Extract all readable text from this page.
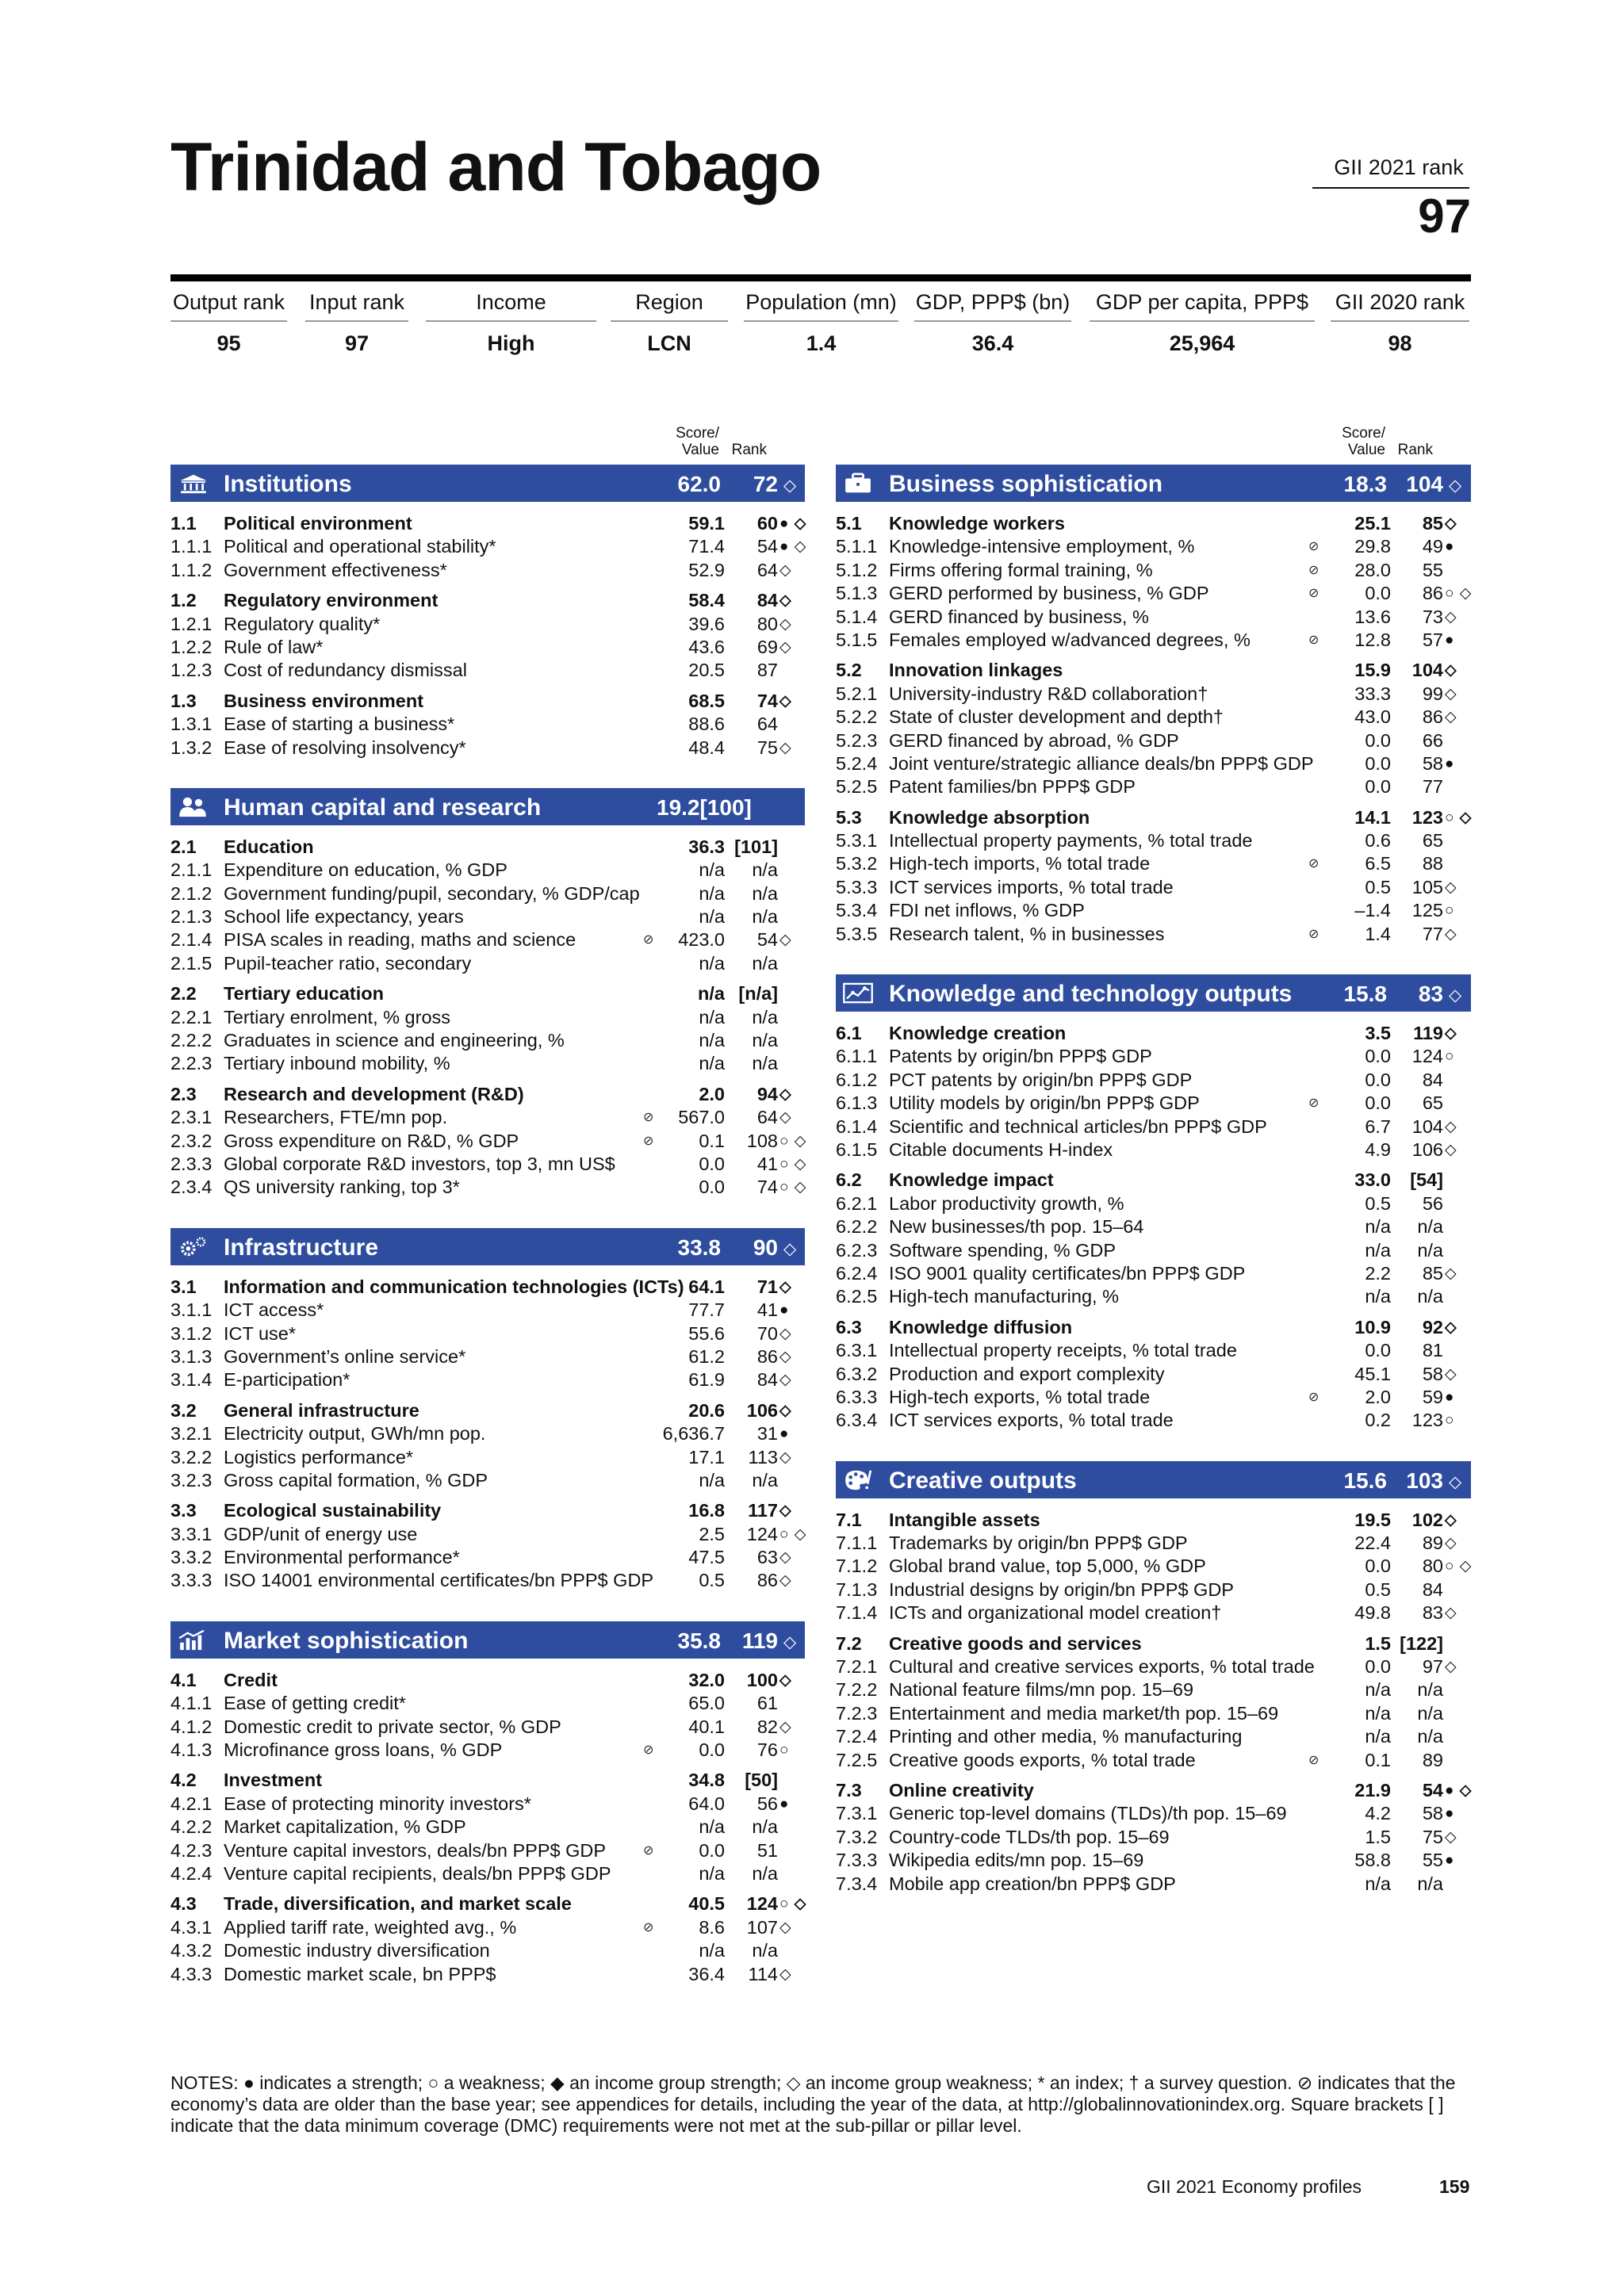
Trinidad and Tobago	GII 2021 rank
97
Output rank
95
Input rank
97
Income
High
Region
LCN
Population (mn)
1.4
GDP, PPP$ (bn)
36.4
GDP per capita, PPP$
25,964
GII 2020 rank
98
Score/
Value Rank
Score/
Value Rank
Institutions	62.0	72 ◇
1.1 Political environment	59.1	60 ● ◇
1.1.1 Political and operational stability*	71.4	54 ● ◇
1.1.2 Government effectiveness*	52.9	64 ◇
1.2 Regulatory environment	58.4	84 ◇
1.2.1 Regulatory quality*	39.6	80 ◇
1.2.2 Rule of law*	43.6	69 ◇
1.2.3 Cost of redundancy dismissal	20.5	87
1.3 Business environment	68.5	74 ◇
1.3.1 Ease of starting a business*	88.6	64
1.3.2 Ease of resolving insolvency*	48.4	75 ◇
Human capital and research	19.2[100]
2.1 Education	36.3 [101]
2.1.1 Expenditure on education, % GDP	n/a	n/a
2.1.2 Government funding/pupil, secondary, % GDP/cap	n/a	n/a
2.1.3 School life expectancy, years	n/a	n/a
2.1.4 PISA scales in reading, maths and science	⊘ 423.0	54 ◇
2.1.5 Pupil-teacher ratio, secondary	n/a	n/a
2.2 Tertiary education	n/a [n/a]
2.2.1 Tertiary enrolment, % gross	n/a	n/a
2.2.2 Graduates in science and engineering, %	n/a	n/a
2.2.3 Tertiary inbound mobility, %	n/a	n/a
2.3 Research and development (R&D)	2.0	94 ◇
2.3.1 Researchers, FTE/mn pop.	⊘ 567.0	64 ◇
2.3.2 Gross expenditure on R&D, % GDP	⊘ 0.1	108 ○ ◇
2.3.3 Global corporate R&D investors, top 3, mn US$	0.0	41 ○ ◇
2.3.4 QS university ranking, top 3*	0.0	74 ○ ◇
Infrastructure	33.8	90 ◇
3.1 Information and communication technologies (ICTs) 64.1	71 ◇
3.1.1 ICT access*	77.7	41 ●
3.1.2 ICT use*	55.6	70 ◇
3.1.3 Government’s online service*	61.2	86 ◇
3.1.4 E-participation*	61.9	84 ◇
3.2 General infrastructure	20.6	106 ◇
3.2.1 Electricity output, GWh/mn pop.	6,636.7	31 ●
3.2.2 Logistics performance*	17.1	113 ◇
3.2.3 Gross capital formation, % GDP	n/a	n/a
3.3 Ecological sustainability	16.8	117 ◇
3.3.1 GDP/unit of energy use	2.5	124 ○ ◇
3.3.2 Environmental performance*	47.5	63 ◇
3.3.3 ISO 14001 environmental certificates/bn PPP$ GDP 0.5	86 ◇
Market sophistication	35.8 119 ◇
4.1 Credit	32.0	100 ◇
4.1.1 Ease of getting credit*	65.0	61
4.1.2 Domestic credit to private sector, % GDP	40.1	82 ◇
4.1.3 Microfinance gross loans, % GDP	⊘ 0.0	76 ○
4.2 Investment	34.8	[50]
4.2.1 Ease of protecting minority investors*	64.0	56 ●
4.2.2 Market capitalization, % GDP	n/a	n/a
4.2.3 Venture capital investors, deals/bn PPP$ GDP	⊘ 0.0	51
4.2.4 Venture capital recipients, deals/bn PPP$ GDP	n/a	n/a
4.3 Trade, diversification, and market scale	40.5	124 ○ ◇
4.3.1 Applied tariff rate, weighted avg., %	⊘ 8.6	107 ◇
4.3.2 Domestic industry diversification	n/a	n/a
4.3.3 Domestic market scale, bn PPP$	36.4	114 ◇
Business sophistication	18.3 104 ◇
5.1 Knowledge workers	25.1	85 ◇
5.1.1 Knowledge-intensive employment, %	⊘ 29.8	49 ●
5.1.2 Firms offering formal training, %	⊘ 28.0	55
5.1.3 GERD performed by business, % GDP	⊘ 0.0	86 ○ ◇
5.1.4 GERD financed by business, %	13.6	73 ◇
5.1.5 Females employed w/advanced degrees, %	⊘ 12.8	57 ●
5.2 Innovation linkages	15.9	104 ◇
5.2.1 University-industry R&D collaboration†	33.3	99 ◇
5.2.2 State of cluster development and depth†	43.0	86 ◇
5.2.3 GERD financed by abroad, % GDP	0.0	66
5.2.4 Joint venture/strategic alliance deals/bn PPP$ GDP	0.0	58 ●
5.2.5 Patent families/bn PPP$ GDP	0.0	77
5.3 Knowledge absorption	14.1	123 ○ ◇
5.3.1 Intellectual property payments, % total trade	0.6	65
5.3.2 High-tech imports, % total trade	⊘ 6.5	88
5.3.3 ICT services imports, % total trade	0.5	105 ◇
5.3.4 FDI net inflows, % GDP	–1.4	125 ○
5.3.5 Research talent, % in businesses	⊘ 1.4	77 ◇
Knowledge and technology outputs 15.8	83 ◇
6.1 Knowledge creation	3.5	119 ◇
6.1.1 Patents by origin/bn PPP$ GDP	0.0	124 ○
6.1.2 PCT patents by origin/bn PPP$ GDP	0.0	84
6.1.3 Utility models by origin/bn PPP$ GDP	⊘ 0.0	65
6.1.4 Scientific and technical articles/bn PPP$ GDP	6.7	104 ◇
6.1.5 Citable documents H-index	4.9	106 ◇
6.2 Knowledge impact	33.0	[54]
6.2.1 Labor productivity growth, %	0.5	56
6.2.2 New businesses/th pop. 15–64	n/a	n/a
6.2.3 Software spending, % GDP	n/a	n/a
6.2.4 ISO 9001 quality certificates/bn PPP$ GDP	2.2	85 ◇
6.2.5 High-tech manufacturing, %	n/a	n/a
6.3 Knowledge diffusion	10.9	92 ◇
6.3.1 Intellectual property receipts, % total trade	0.0	81
6.3.2 Production and export complexity	45.1	58 ◇
6.3.3 High-tech exports, % total trade	⊘ 2.0	59 ●
6.3.4 ICT services exports, % total trade	0.2	123 ○
Creative outputs	15.6 103 ◇
7.1 Intangible assets	19.5	102 ◇
7.1.1 Trademarks by origin/bn PPP$ GDP	22.4	89 ◇
7.1.2 Global brand value, top 5,000, % GDP	0.0	80 ○ ◇
7.1.3 Industrial designs by origin/bn PPP$ GDP	0.5	84
7.1.4 ICTs and organizational model creation†	49.8	83 ◇
7.2 Creative goods and services	1.5 [122]
7.2.1 Cultural and creative services exports, % total trade	0.0	97 ◇
7.2.2 National feature films/mn pop. 15–69	n/a	n/a
7.2.3 Entertainment and media market/th pop. 15–69	n/a	n/a
7.2.4 Printing and other media, % manufacturing	n/a	n/a
7.2.5 Creative goods exports, % total trade	⊘ 0.1	89
7.3 Online creativity	21.9	54 ● ◇
7.3.1 Generic top-level domains (TLDs)/th pop. 15–69	4.2	58 ●
7.3.2 Country-code TLDs/th pop. 15–69	1.5	75 ◇
7.3.3 Wikipedia edits/mn pop. 15–69	58.8	55 ●
7.3.4 Mobile app creation/bn PPP$ GDP	n/a	n/a
NOTES: ● indicates a strength; ○ a weakness; ◆ an income group strength; ◇ an income group weakness; * an index; † a survey question. ⊘ indicates that the economy’s data are older than the base year; see appendices for details, including the year of the data, at http://globalinnovationindex.org. Square brackets [ ] indicate that the data minimum coverage (DMC) requirements were not met at the sub-pillar or pillar level.
GII 2021 Economy profiles	159
